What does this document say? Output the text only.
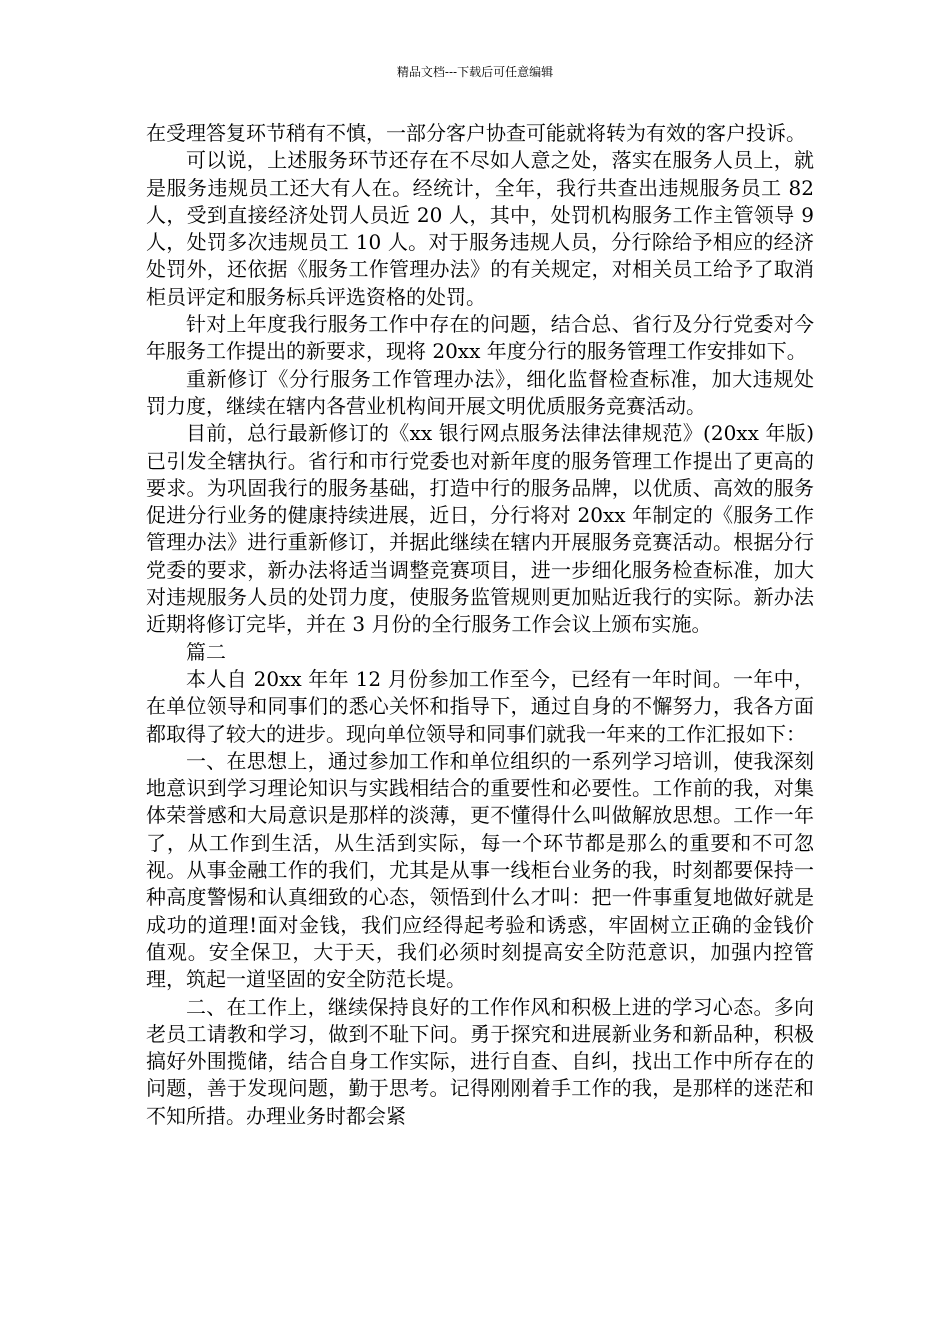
精品文档---下载后可任意编辑

在受理答复环节稍有不慎，一部分客户协查可能就将转为有效的客户投诉。

可以说，上述服务环节还存在不尽如人意之处，落实在服务人员上，就是服务违规员工还大有人在。经统计，全年，我行共查出违规服务员工 82 人，受到直接经济处罚人员近 20 人，其中，处罚机构服务工作主管领导 9 人，处罚多次违规员工 10 人。对于服务违规人员，分行除给予相应的经济处罚外，还依据《服务工作管理办法》的有关规定，对相关员工给予了取消柜员评定和服务标兵评选资格的处罚。

针对上年度我行服务工作中存在的问题，结合总、省行及分行党委对今年服务工作提出的新要求，现将 20xx 年度分行的服务管理工作安排如下。

重新修订《分行服务工作管理办法》，细化监督检查标准，加大违规处罚力度，继续在辖内各营业机构间开展文明优质服务竞赛活动。

目前，总行最新修订的《xx 银行网点服务法律法律规范》(20xx 年版)已引发全辖执行。省行和市行党委也对新年度的服务管理工作提出了更高的要求。为巩固我行的服务基础，打造中行的服务品牌，以优质、高效的服务促进分行业务的健康持续进展，近日，分行将对 20xx 年制定的《服务工作管理办法》进行重新修订，并据此继续在辖内开展服务竞赛活动。根据分行党委的要求，新办法将适当调整竞赛项目，进一步细化服务检查标准，加大对违规服务人员的处罚力度，使服务监管规则更加贴近我行的实际。新办法近期将修订完毕，并在 3 月份的全行服务工作会议上颁布实施。

篇二

本人自 20xx 年年 12 月份参加工作至今，已经有一年时间。一年中，在单位领导和同事们的悉心关怀和指导下，通过自身的不懈努力，我各方面都取得了较大的进步。现向单位领导和同事们就我一年来的工作汇报如下：

一、在思想上，通过参加工作和单位组织的一系列学习培训，使我深刻地意识到学习理论知识与实践相结合的重要性和必要性。工作前的我，对集体荣誉感和大局意识是那样的淡薄，更不懂得什么叫做解放思想。工作一年了，从工作到生活，从生活到实际，每一个环节都是那么的重要和不可忽视。从事金融工作的我们，尤其是从事一线柜台业务的我，时刻都要保持一种高度警惕和认真细致的心态，领悟到什么才叫：把一件事重复地做好就是成功的道理!面对金钱，我们应经得起考验和诱惑，牢固树立正确的金钱价值观。安全保卫，大于天，我们必须时刻提高安全防范意识，加强内控管理，筑起一道坚固的安全防范长堤。

二、在工作上，继续保持良好的工作作风和积极上进的学习心态。多向老员工请教和学习，做到不耻下问。勇于探究和进展新业务和新品种，积极搞好外围揽储，结合自身工作实际，进行自查、自纠，找出工作中所存在的问题，善于发现问题，勤于思考。记得刚刚着手工作的我，是那样的迷茫和不知所措。办理业务时都会紧
